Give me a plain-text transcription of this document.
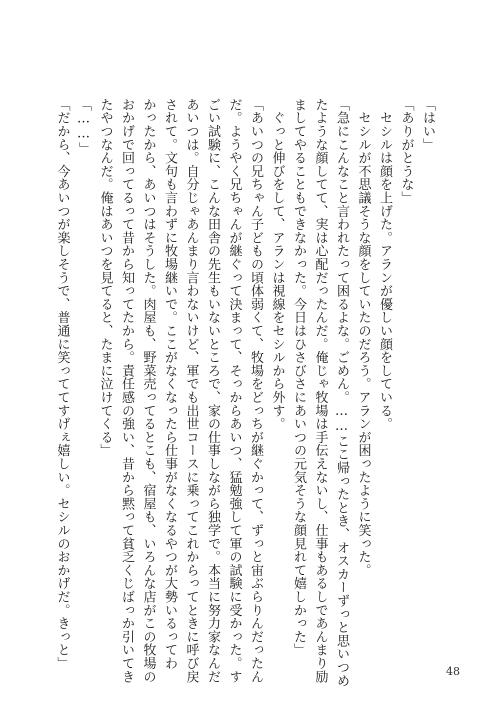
「はい」
「ありがとうな」
　セシルは顔を上げた。アランが優しい顔をしている。
　セシルが不思議そうな顔をしていたのだろう。アランが困ったように笑った。
「急にこんなこと言われたって困るよな。ごめん。……ここ帰ったとき、オスカーずっと思いつめ
たような顔してて、実は心配だったんだ。俺じゃ牧場は手伝えないし、仕事もあるしであんまり励
ましてやることもできなかった。今日はひさびさにあいつの元気そうな顔見れて嬉しかった」
　ぐっと伸びをして、アランは視線をセシルから外す。
「あいつの兄ちゃん子どもの頃体弱くて、牧場をどっちが継ぐかって、ずっと宙ぶらりんだったん
だ。ようやく兄ちゃんが継ぐって決まって、そっからあいつ、猛勉強して軍の試験に受かった。す
ごい試験に、こんな田舎の先生もいないところで、家の仕事しながら独学で。本当に努力家なんだ
あいつは。自分じゃあんまり言わないけど、軍でも出世コースに乗ってこれからってときに呼び戻
されて。文句も言わずに牧場継いで。ここがなくなったら仕事がなくなるやつが大勢いるってわ
かったから、あいつはそうした。肉屋も、野菜売ってるとこも、宿屋も、いろんな店がこの牧場の
おかげで回ってるって昔から知ってたから。責任感の強い、昔から黙って貧乏くじばっか引いてき
たやつなんだ。俺はあいつを見てると、たまに泣けてくる」
「……」
「だから、今あいつが楽しそうで、普通に笑っててすげぇ嬉しい。セシルのおかげだ。きっと」
48
